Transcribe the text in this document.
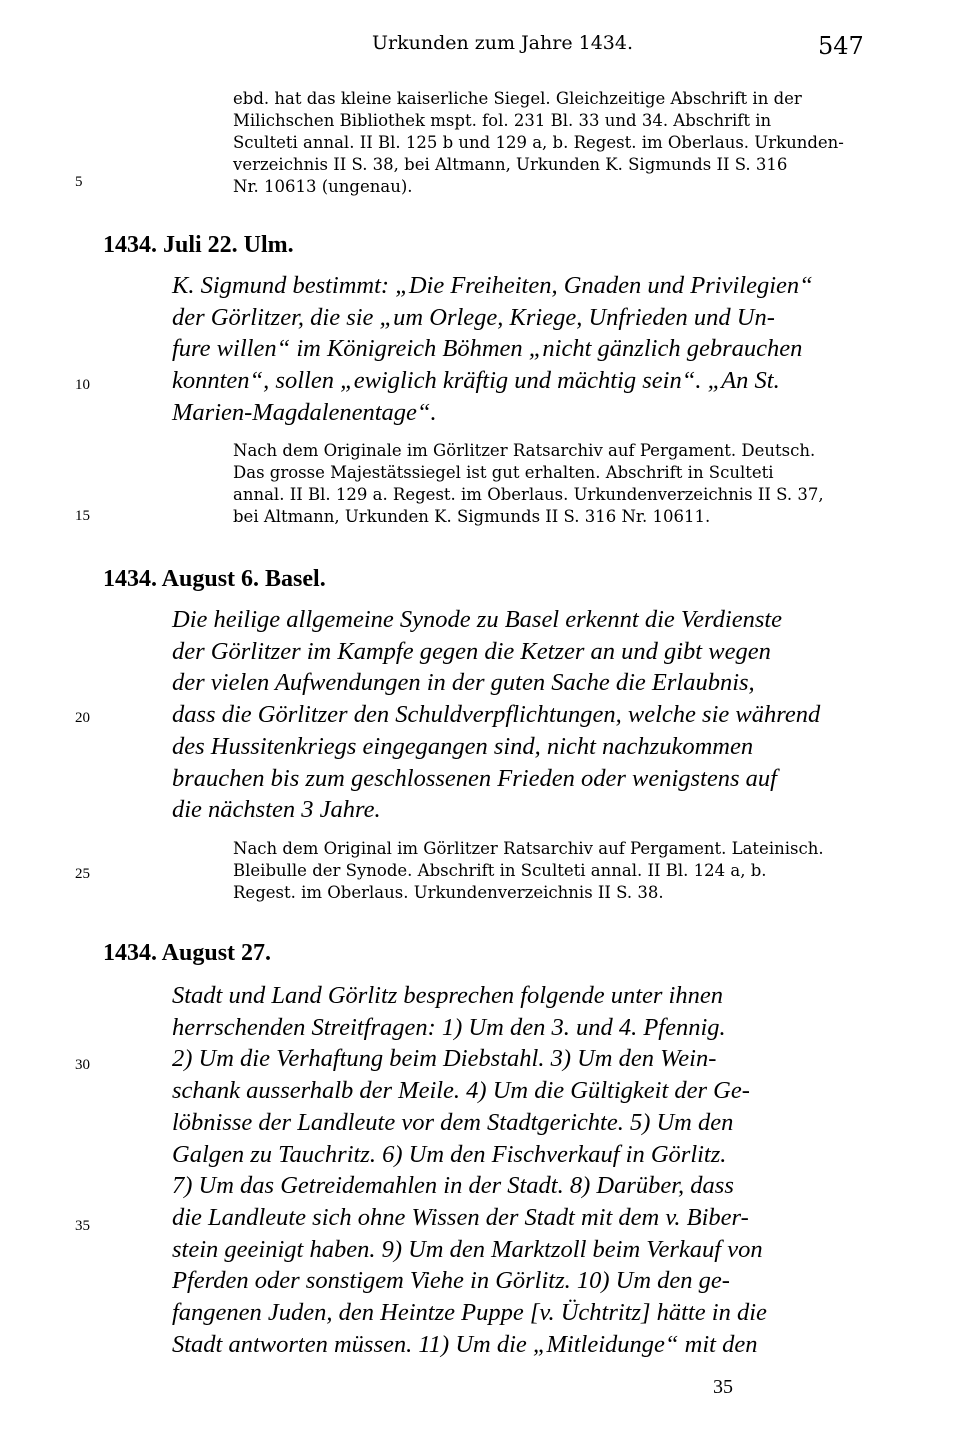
Urkunden zum Jahre 1434.	547

ebd. hat das kleine kaiserliche Siegel. Gleichzeitige Abschrift in der

Milichschen Bibliothek mspt. fol. 231 Bl. 33 und 34. Abschrift in

Sculteti annal. II Bl. 125 b und 129 a, b. Regest. im Oberlaus. Urkunden-

verzeichnis II S. 38, bei Altmann, Urkunden K. Sigmunds II S. 316

Nr. 10613 (ungenau).

5
10
15
20
25
30
35
1434. Juli 22. Ulm.

K. Sigmund bestimmt: „Die Freiheiten, Gnaden und Privilegien“

der Görlitzer, die sie „um Orlege, Kriege, Unfrieden und Un-

fure willen“ im Königreich Böhmen „nicht gänzlich gebrauchen

konnten“, sollen „ewiglich kräftig und mächtig sein“. „An St.

Marien-Magdalenentage“.

Nach dem Originale im Görlitzer Ratsarchiv auf Pergament. Deutsch.

Das grosse Majestätssiegel ist gut erhalten. Abschrift in Sculteti

annal. II Bl. 129 a. Regest. im Oberlaus. Urkundenverzeichnis II S. 37,

bei Altmann, Urkunden K. Sigmunds II S. 316 Nr. 10611.

1434. August 6. Basel.

Die heilige allgemeine Synode zu Basel erkennt die Verdienste

der Görlitzer im Kampfe gegen die Ketzer an und gibt wegen

der vielen Aufwendungen in der guten Sache die Erlaubnis,

dass die Görlitzer den Schuldverpflichtungen, welche sie während

des Hussitenkriegs eingegangen sind, nicht nachzukommen

brauchen bis zum geschlossenen Frieden oder wenigstens auf

die nächsten 3 Jahre.

Nach dem Original im Görlitzer Ratsarchiv auf Pergament. Lateinisch.

Bleibulle der Synode. Abschrift in Sculteti annal. II Bl. 124 a, b.

Regest. im Oberlaus. Urkundenverzeichnis II S. 38.

1434. August 27.

Stadt und Land Görlitz besprechen folgende unter ihnen

herrschenden Streitfragen: 1) Um den 3. und 4. Pfennig.

2) Um die Verhaftung beim Diebstahl. 3) Um den Wein-

schank ausserhalb der Meile. 4) Um die Gültigkeit der Ge-

löbnisse der Landleute vor dem Stadtgerichte. 5) Um den

Galgen zu Tauchritz. 6) Um den Fischverkauf in Görlitz.

7) Um das Getreidemahlen in der Stadt. 8) Darüber, dass

die Landleute sich ohne Wissen der Stadt mit dem v. Biber-

stein geeinigt haben. 9) Um den Marktzoll beim Verkauf von

Pferden oder sonstigem Viehe in Görlitz. 10) Um den ge-

fangenen Juden, den Heintze Puppe [v. Üchtritz] hätte in die

Stadt antworten müssen. 11) Um die „Mitleidunge“ mit den

35
